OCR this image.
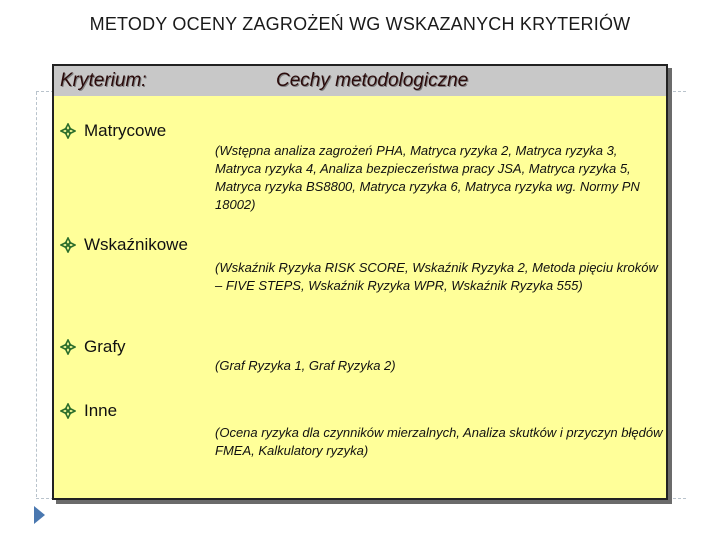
METODY OCENY ZAGROŻEŃ WG WSKAZANYCH KRYTERIÓW
Kryterium:	Cechy metodologiczne
Matrycowe
(Wstępna analiza zagrożeń PHA, Matryca ryzyka 2, Matryca ryzyka 3, Matryca ryzyka 4, Analiza bezpieczeństwa pracy JSA, Matryca ryzyka 5, Matryca ryzyka BS8800, Matryca ryzyka 6, Matryca ryzyka wg. Normy PN 18002)
Wskaźnikowe
(Wskaźnik Ryzyka RISK SCORE, Wskaźnik Ryzyka 2, Metoda pięciu kroków – FIVE STEPS, Wskaźnik Ryzyka WPR, Wskaźnik Ryzyka 555)
Grafy
(Graf Ryzyka 1, Graf Ryzyka 2)
Inne
(Ocena ryzyka dla czynników mierzalnych, Analiza skutków i przyczyn błędów FMEA, Kalkulatory ryzyka)
